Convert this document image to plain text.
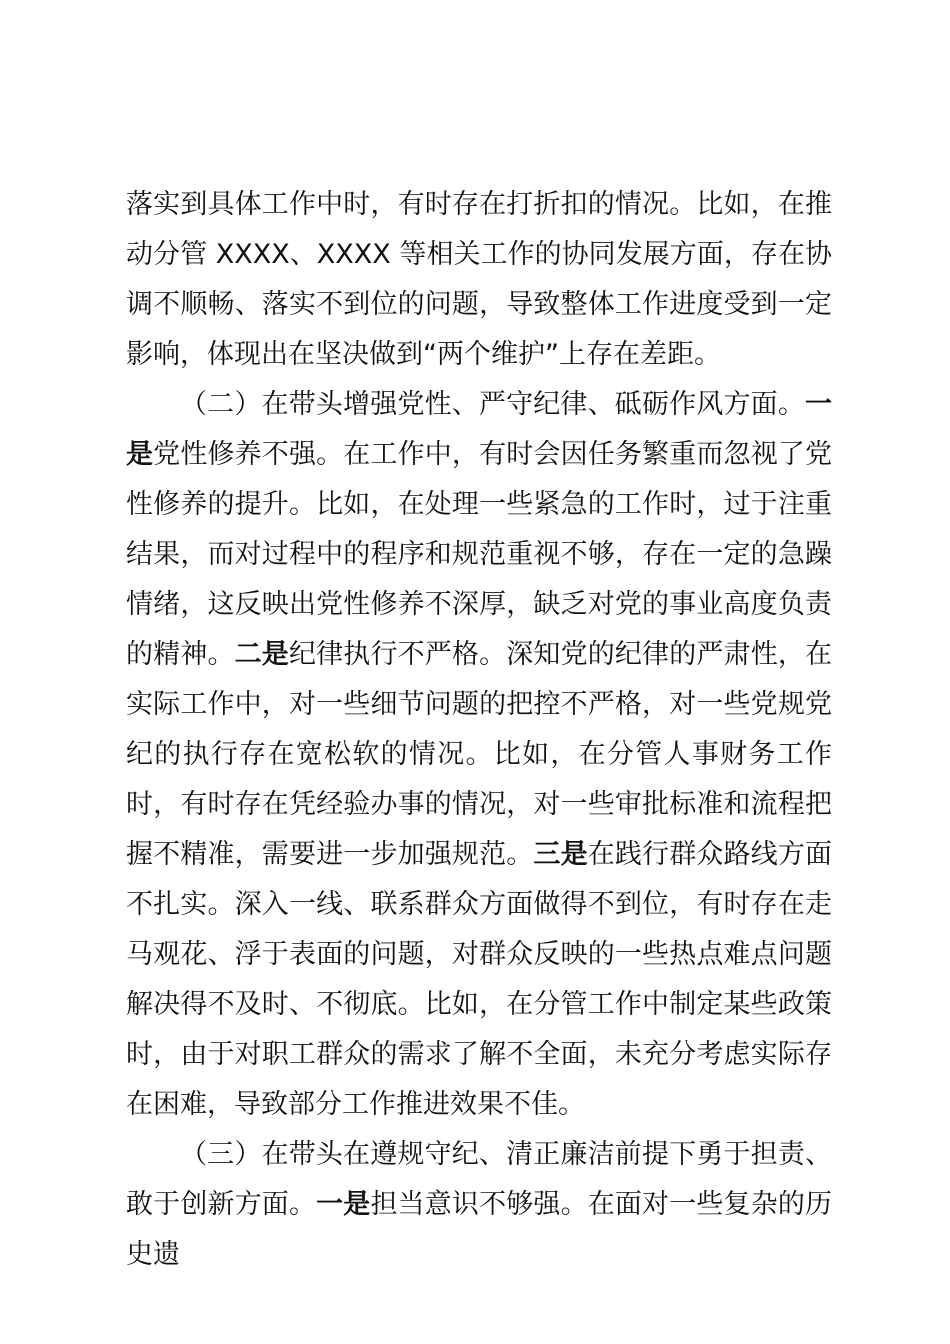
落实到具体工作中时，有时存在打折扣的情况。比如，在推动分管 XXXX、XXXX 等相关工作的协同发展方面，存在协调不顺畅、落实不到位的问题，导致整体工作进度受到一定影响，体现出在坚决做到“两个维护”上存在差距。

（二）在带头增强党性、严守纪律、砥砺作风方面。一是党性修养不强。在工作中，有时会因任务繁重而忽视了党性修养的提升。比如，在处理一些紧急的工作时，过于注重结果，而对过程中的程序和规范重视不够，存在一定的急躁情绪，这反映出党性修养不深厚，缺乏对党的事业高度负责的精神。二是纪律执行不严格。深知党的纪律的严肃性，在实际工作中，对一些细节问题的把控不严格，对一些党规党纪的执行存在宽松软的情况。比如，在分管人事财务工作时，有时存在凭经验办事的情况，对一些审批标准和流程把握不精准，需要进一步加强规范。三是在践行群众路线方面不扎实。深入一线、联系群众方面做得不到位，有时存在走马观花、浮于表面的问题，对群众反映的一些热点难点问题解决得不及时、不彻底。比如，在分管工作中制定某些政策时，由于对职工群众的需求了解不全面，未充分考虑实际存在困难，导致部分工作推进效果不佳。

（三）在带头在遵规守纪、清正廉洁前提下勇于担责、敢于创新方面。一是担当意识不够强。在面对一些复杂的历史遗
